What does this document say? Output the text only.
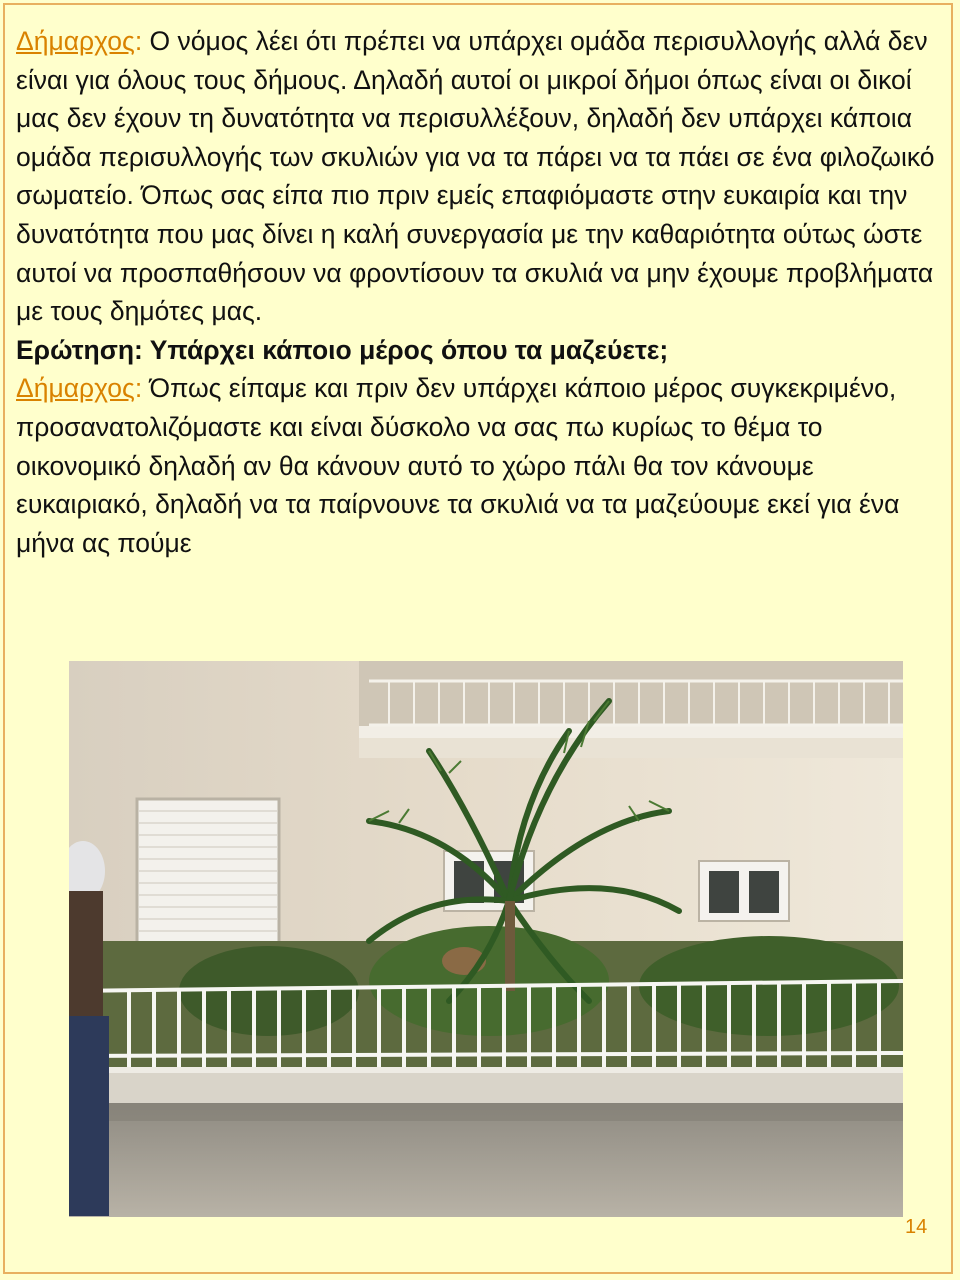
Δήμαρχος: Ο νόμος λέει ότι πρέπει να υπάρχει ομάδα περισυλλογής αλλά δεν είναι για όλους τους δήμους. Δηλαδή αυτοί οι μικροί δήμοι όπως είναι οι δικοί μας δεν έχουν τη δυνατότητα να περισυλλέξουν, δηλαδή δεν υπάρχει κάποια ομάδα περισυλλογής των σκυλιών για να τα πάρει να τα πάει σε ένα φιλοζωικό σωματείο. Όπως σας είπα πιο πριν εμείς επαφιόμαστε στην ευκαιρία και την δυνατότητα που μας δίνει η καλή συνεργασία με την καθαριότητα ούτως ώστε αυτοί να προσπαθήσουν να φροντίσουν τα σκυλιά να μην έχουμε προβλήματα με τους δημότες μας.

Ερώτηση: Υπάρχει κάποιο μέρος όπου τα μαζεύετε;

Δήμαρχος: Όπως είπαμε και πριν δεν υπάρχει κάποιο μέρος συγκεκριμένο, προσανατολιζόμαστε και είναι δύσκολο να σας πω κυρίως το θέμα το οικονομικό δηλαδή αν θα κάνουν αυτό το χώρο πάλι θα τον κάνουμε ευκαιριακό, δηλαδή να τα παίρνουνε τα σκυλιά να τα μαζεύουμε εκεί για ένα μήνα ας πούμε

14
